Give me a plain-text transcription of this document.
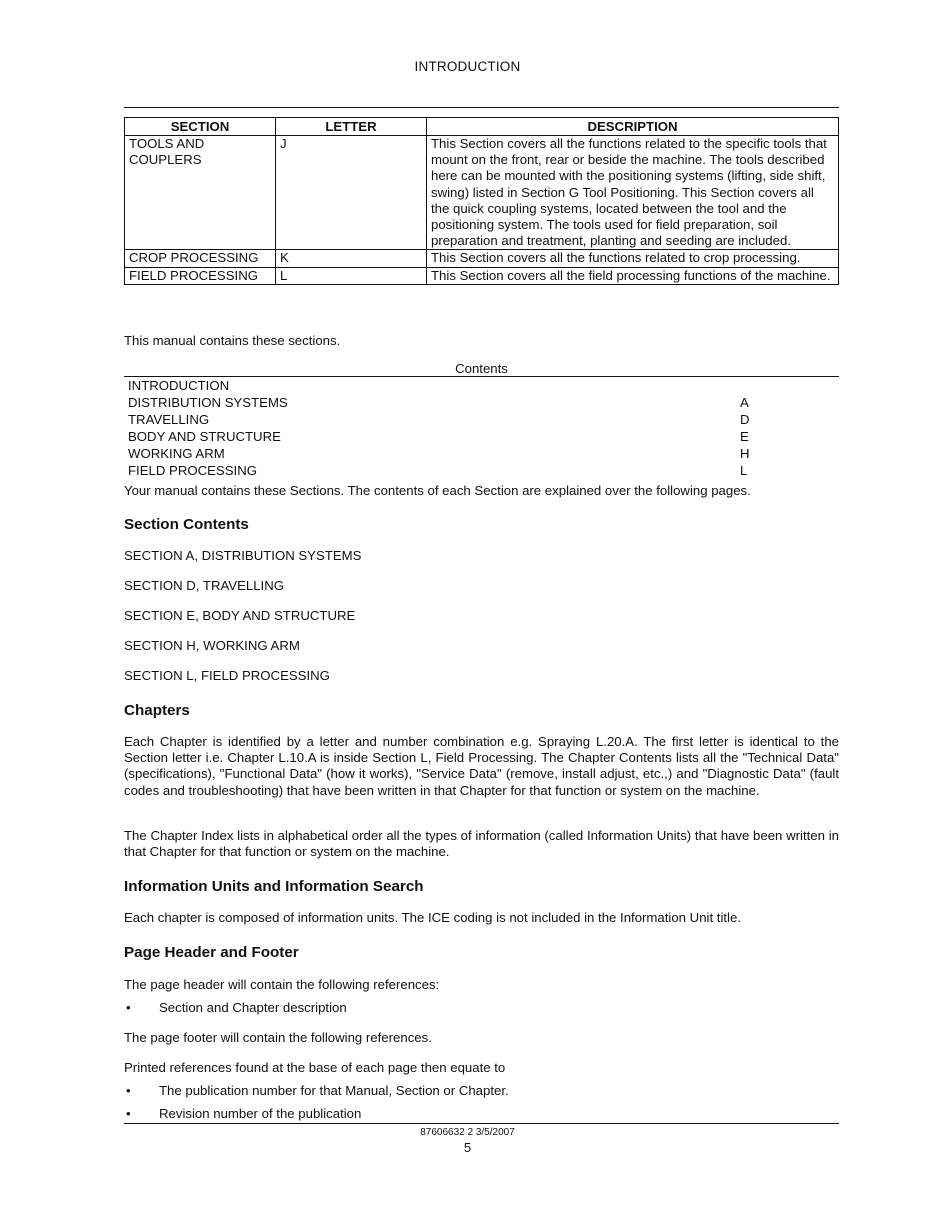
INTRODUCTION
SECTION	LETTER	DESCRIPTION
TOOLS AND COUPLERS	J	This Section covers all the functions related to the specific tools that mount on the front, rear or beside the machine. The tools described here can be mounted with the positioning systems (lifting, side shift, swing) listed in Section G Tool Positioning. This Section covers all the quick coupling systems, located between the tool and the positioning system. The tools used for field preparation, soil preparation and treatment, planting and seeding are included.
CROP PROCESSING	K	This Section covers all the functions related to crop processing.
FIELD PROCESSING	L	This Section covers all the field processing functions of the machine.
This manual contains these sections.
Contents
INTRODUCTION
DISTRIBUTION SYSTEMS	A
TRAVELLING	D
BODY AND STRUCTURE	E
WORKING ARM	H
FIELD PROCESSING	L
Your manual contains these Sections. The contents of each Section are explained over the following pages.
Section Contents
SECTION A, DISTRIBUTION SYSTEMS
SECTION D, TRAVELLING
SECTION E, BODY AND STRUCTURE
SECTION H, WORKING ARM
SECTION L, FIELD PROCESSING
Chapters
Each Chapter is identified by a letter and number combination e.g. Spraying L.20.A. The first letter is identical to the Section letter i.e. Chapter L.10.A is inside Section L, Field Processing. The Chapter Contents lists all the "Technical Data" (specifications), "Functional Data" (how it works), "Service Data" (remove, install adjust, etc.,) and "Diagnostic Data" (fault codes and troubleshooting) that have been written in that Chapter for that function or system on the machine.
The Chapter Index lists in alphabetical order all the types of information (called Information Units) that have been written in that Chapter for that function or system on the machine.
Information Units and Information Search
Each chapter is composed of information units. The ICE coding is not included in the Information Unit title.
Page Header and Footer
The page header will contain the following references:
• Section and Chapter description
The page footer will contain the following references.
Printed references found at the base of each page then equate to
• The publication number for that Manual, Section or Chapter.
• Revision number of the publication
87606632 2 3/5/2007
5
